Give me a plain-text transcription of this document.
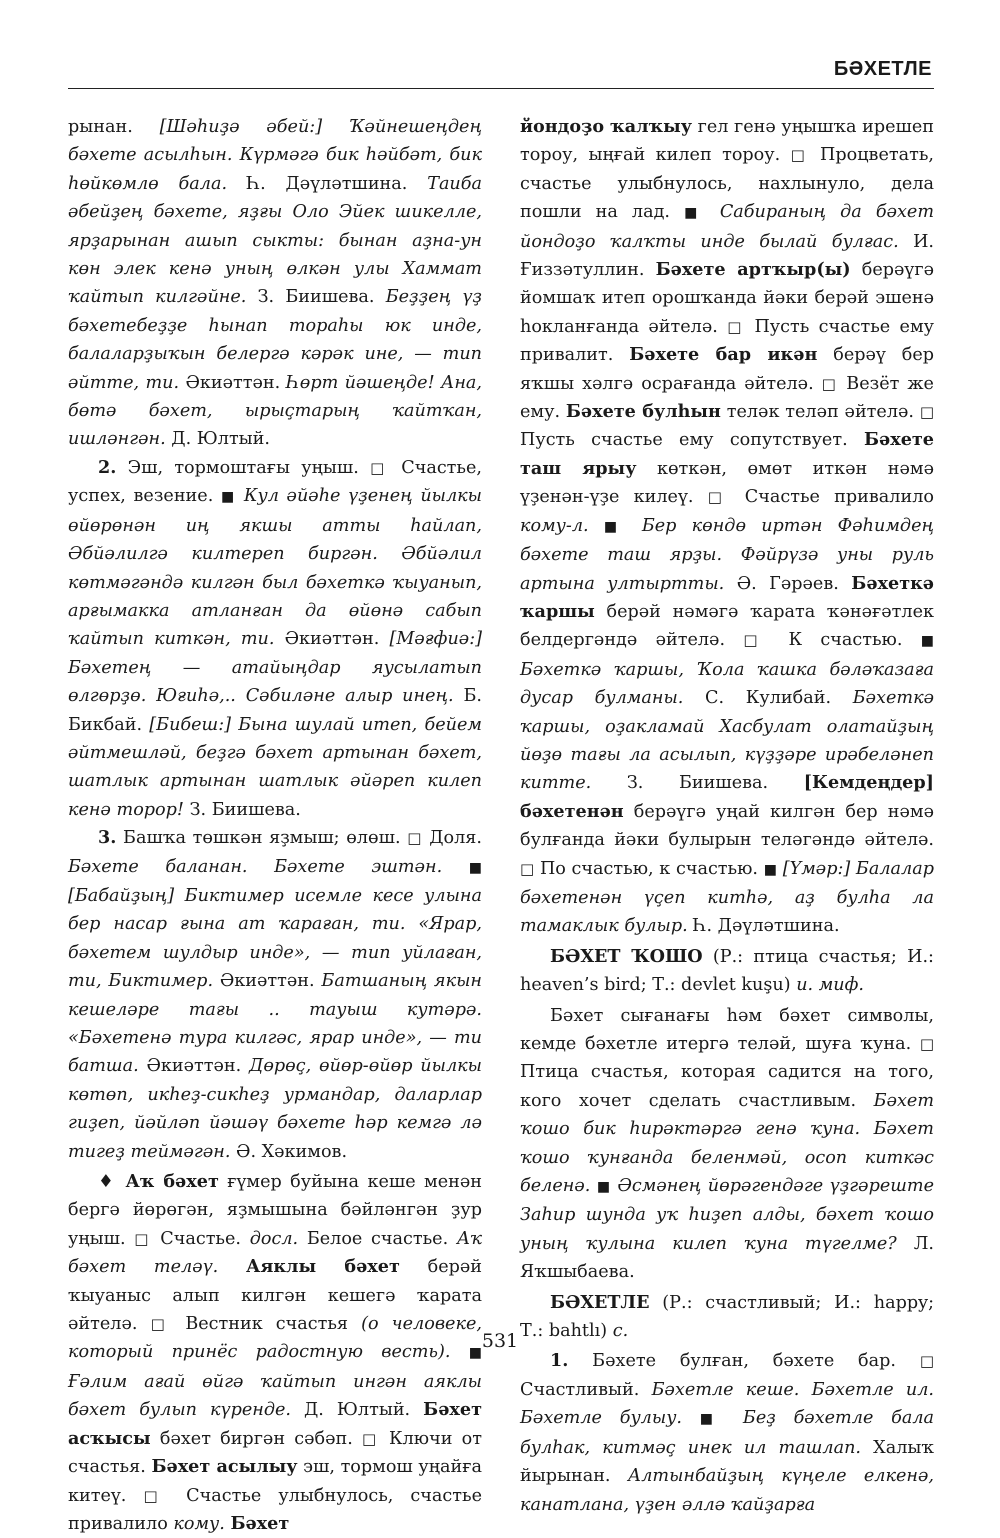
БӘХЕТЛЕ

рынан. [Шәһиҙә әбей:] Ҡәйнешеңдең бәхете асылһын. Күрмәгә бик һәйбәт, бик һөйкөмлө бала. Һ. Дәүләтшина. Таиба әбейҙең бәхете, яҙғы Оло Эйек шикелле, ярҙарынан ашып сыкты: бынан аҙна-ун көн элек кенә уның өлкән улы Хаммат ҡайтып килгәйне. З. Биишева. Беҙҙең үҙ бәхетебеҙҙе һынап тораһы юк инде, балаларҙыҡын белергә кәрәк ине, — тип әйтте, ти. Әкиәттән. Һөрт йәшеңде! Ана, бөтә бәхет, ырыҫтарың ҡайтҡан, ишләнгән. Д. Юлтый.

2. Эш, тормоштағы уңыш. □ Счастье, успех, везение. ■ Кул әйәһе үҙенең йылкы өйөрөнән иң якшы атты һайлап, Әбйәлилгә килтереп биргән. Әбйәлил көтмәгәндә килгән был бәхеткә ҡыуанып, арғымакка атланған да өйөнә сабып ҡайтып киткән, ти. Әкиәттән. [Мәғфиә:] Бәхетең — атайыңдар яусылатып өлгөрҙө. Юғиһә,.. Сәбиләне алыр инең. Б. Бикбай. [Бибеш:] Бына шулай итеп, бейем әйтмешләй, беҙгә бәхет артынан бәхет, шатлык артынан шатлык әйәреп килеп кенә торор! З. Биишева.

3. Башҡа төшкән яҙмыш; өлөш. □ Доля. Бәхете баланан. Бәхете эштән. ■ [Бабайҙың] Биктимер исемле кесе улына бер насар ғына ат ҡараған, ти. «Ярар, бәхетем шулдыр инде», — тип уйлаған, ти, Биктимер. Әкиәттән. Батшаның якын кешеләре тағы .. тауыш кутәрә. «Бәхетенә тура килгәс, ярар инде», — ти батша. Әкиәттән. Дөрөҫ, өйөр-өйөр йылкы көтөп, икһеҙ-сикһеҙ урмандар, даларлар гиҙеп, йәйләп йәшәү бәхете һәр кемгә лә тигеҙ теймәгән. Ә. Хәкимов.

♦ Аҡ бәхет ғүмер буйына кеше менән бергә йөрөгән, яҙмышына бәйләнгән ҙур уңыш. □ Счастье. досл. Белое счастье. Аҡ бәхет теләү. Аяклы бәхет берәй ҡыуаныс алып килгән кешегә ҡарата әйтелә. □ Вестник счастья (о человеке, который принёс радостную весть). ■ Ғәлим ағай өйгә ҡайтып ингән аяклы бәхет булып күренде. Д. Юлтый. Бәхет асҡысы бәхет биргән сәбәп. □ Ключи от счастья. Бәхет асылыу эш, тормош уңайға китеү. □ Счастье улыбнулось, счастье привалило кому. Бәхет

йондоҙо ҡалҡыу гел генә уңышҡа ирешеп тороу, ыңғай килеп тороу. □ Процветать, счастье улыбнулось, нахлынуло, дела пошли на лад. ■ Сабираның да бәхет йондоҙо ҡалҡты инде былай булғас. И. Ғиззәтуллин. Бәхете артҡыр(ы) берәүгә йомшаҡ итеп орошҡанда йәки берәй эшенә һокланғанда әйтелә. □ Пусть счастье ему привалит. Бәхете бар икән берәү бер яҡшы хәлгә осрағанда әйтелә. □ Везёт же ему. Бәхете булһын теләк теләп әйтелә. □ Пусть счастье ему сопутствует. Бәхете таш ярыу көткән, өмөт иткән нәмә үҙенән-үҙе килеү. □ Счастье привалило кому-л. ■ Бер көндө иртән Фәһимдең бәхете таш ярҙы. Фәйрүзә уны руль артына ултыртты. Ә. Гәрәев. Бәхеткә ҡаршы берәй нәмәгә ҡарата ҡәнәғәтлек белдергәндә әйтелә. □ К счастью. ■ Бәхеткә ҡаршы, Ҡола ҡашка бәләҡазаға дусар булманы. С. Кулибай. Бәхеткә ҡаршы, оҙакламай Хасбулат олатайҙың йөҙө тағы ла асылып, күҙҙәре ирәбеләнеп китте. З. Биишева. [Кемдеңдер] бәхетенән берәүгә уңай килгән бер нәмә булғанда йәки булырын теләгәндә әйтелә. □ По счастью, к счастью. ■ [Үмәр:] Балалар бәхетенән үҫеп китһә, аҙ булһа ла тамаклык булыр. Һ. Дәүләтшина.

БӘХЕТ ҠОШО (Р.: птица счастья; И.: heaven’s bird; Т.: devlet kuşu) и. миф.

Бәхет сығанағы һәм бәхет символы, кемде бәхетле итергә теләй, шуға ҡуна. □ Птица счастья, которая садится на того, кого хочет сделать счастливым. Бәхет ҡошо бик һирәктәргә генә ҡуна. Бәхет ҡошо ҡунғанда беленмәй, осоп киткәс беленә. ■ Әсмәнең йөрәгендәге үҙгәреште Заһир шунда уҡ һиҙеп алды, бәхет ҡошо уның ҡулына килеп ҡуна түгелме? Л. Яҡшыбаева.

БӘХЕТЛЕ (Р.: счастливый; И.: happy; Т.: bahtlı) с.

1. Бәхете булған, бәхете бар. □ Счастливый. Бәхетле кеше. Бәхетле ил. Бәхетле булыу. ■ Беҙ бәхетле бала булһак, китмәҫ инек ил ташлап. Халыҡ йырынан. Алтынбайҙың күңеле елкенә, канатлана, үҙен әллә ҡайҙарға

531
